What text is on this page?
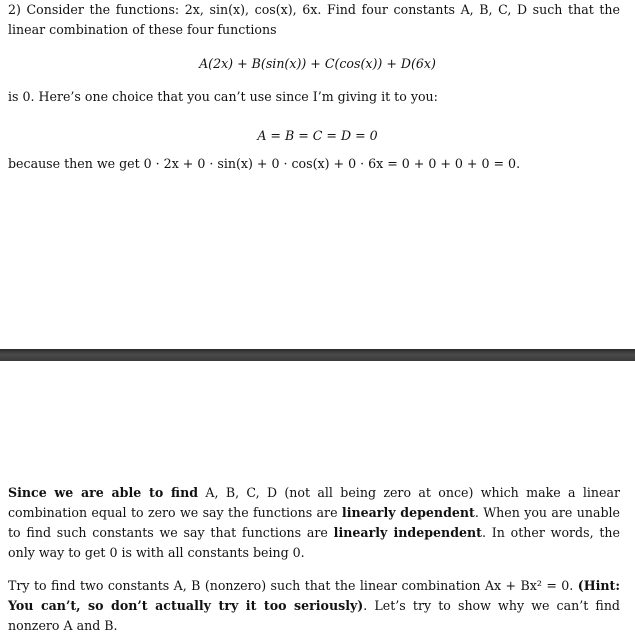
2) Consider the functions: 2x, sin(x), cos(x), 6x. Find four constants A, B, C, D such that the linear combination of these four functions

A(2x) + B(sin(x)) + C(cos(x)) + D(6x)

is 0. Here’s one choice that you can’t use since I’m giving it to you:

A = B = C = D = 0

because then we get 0 · 2x + 0 · sin(x) + 0 · cos(x) + 0 · 6x = 0 + 0 + 0 + 0 = 0.

Since we are able to find A, B, C, D (not all being zero at once) which make a linear combination equal to zero we say the functions are linearly dependent. When you are unable to find such constants we say that functions are linearly independent. In other words, the only way to get 0 is with all constants being 0.

Try to find two constants A, B (nonzero) such that the linear combination Ax + Bx² = 0. (Hint: You can’t, so don’t actually try it too seriously). Let’s try to show why we can’t find nonzero A and B.
